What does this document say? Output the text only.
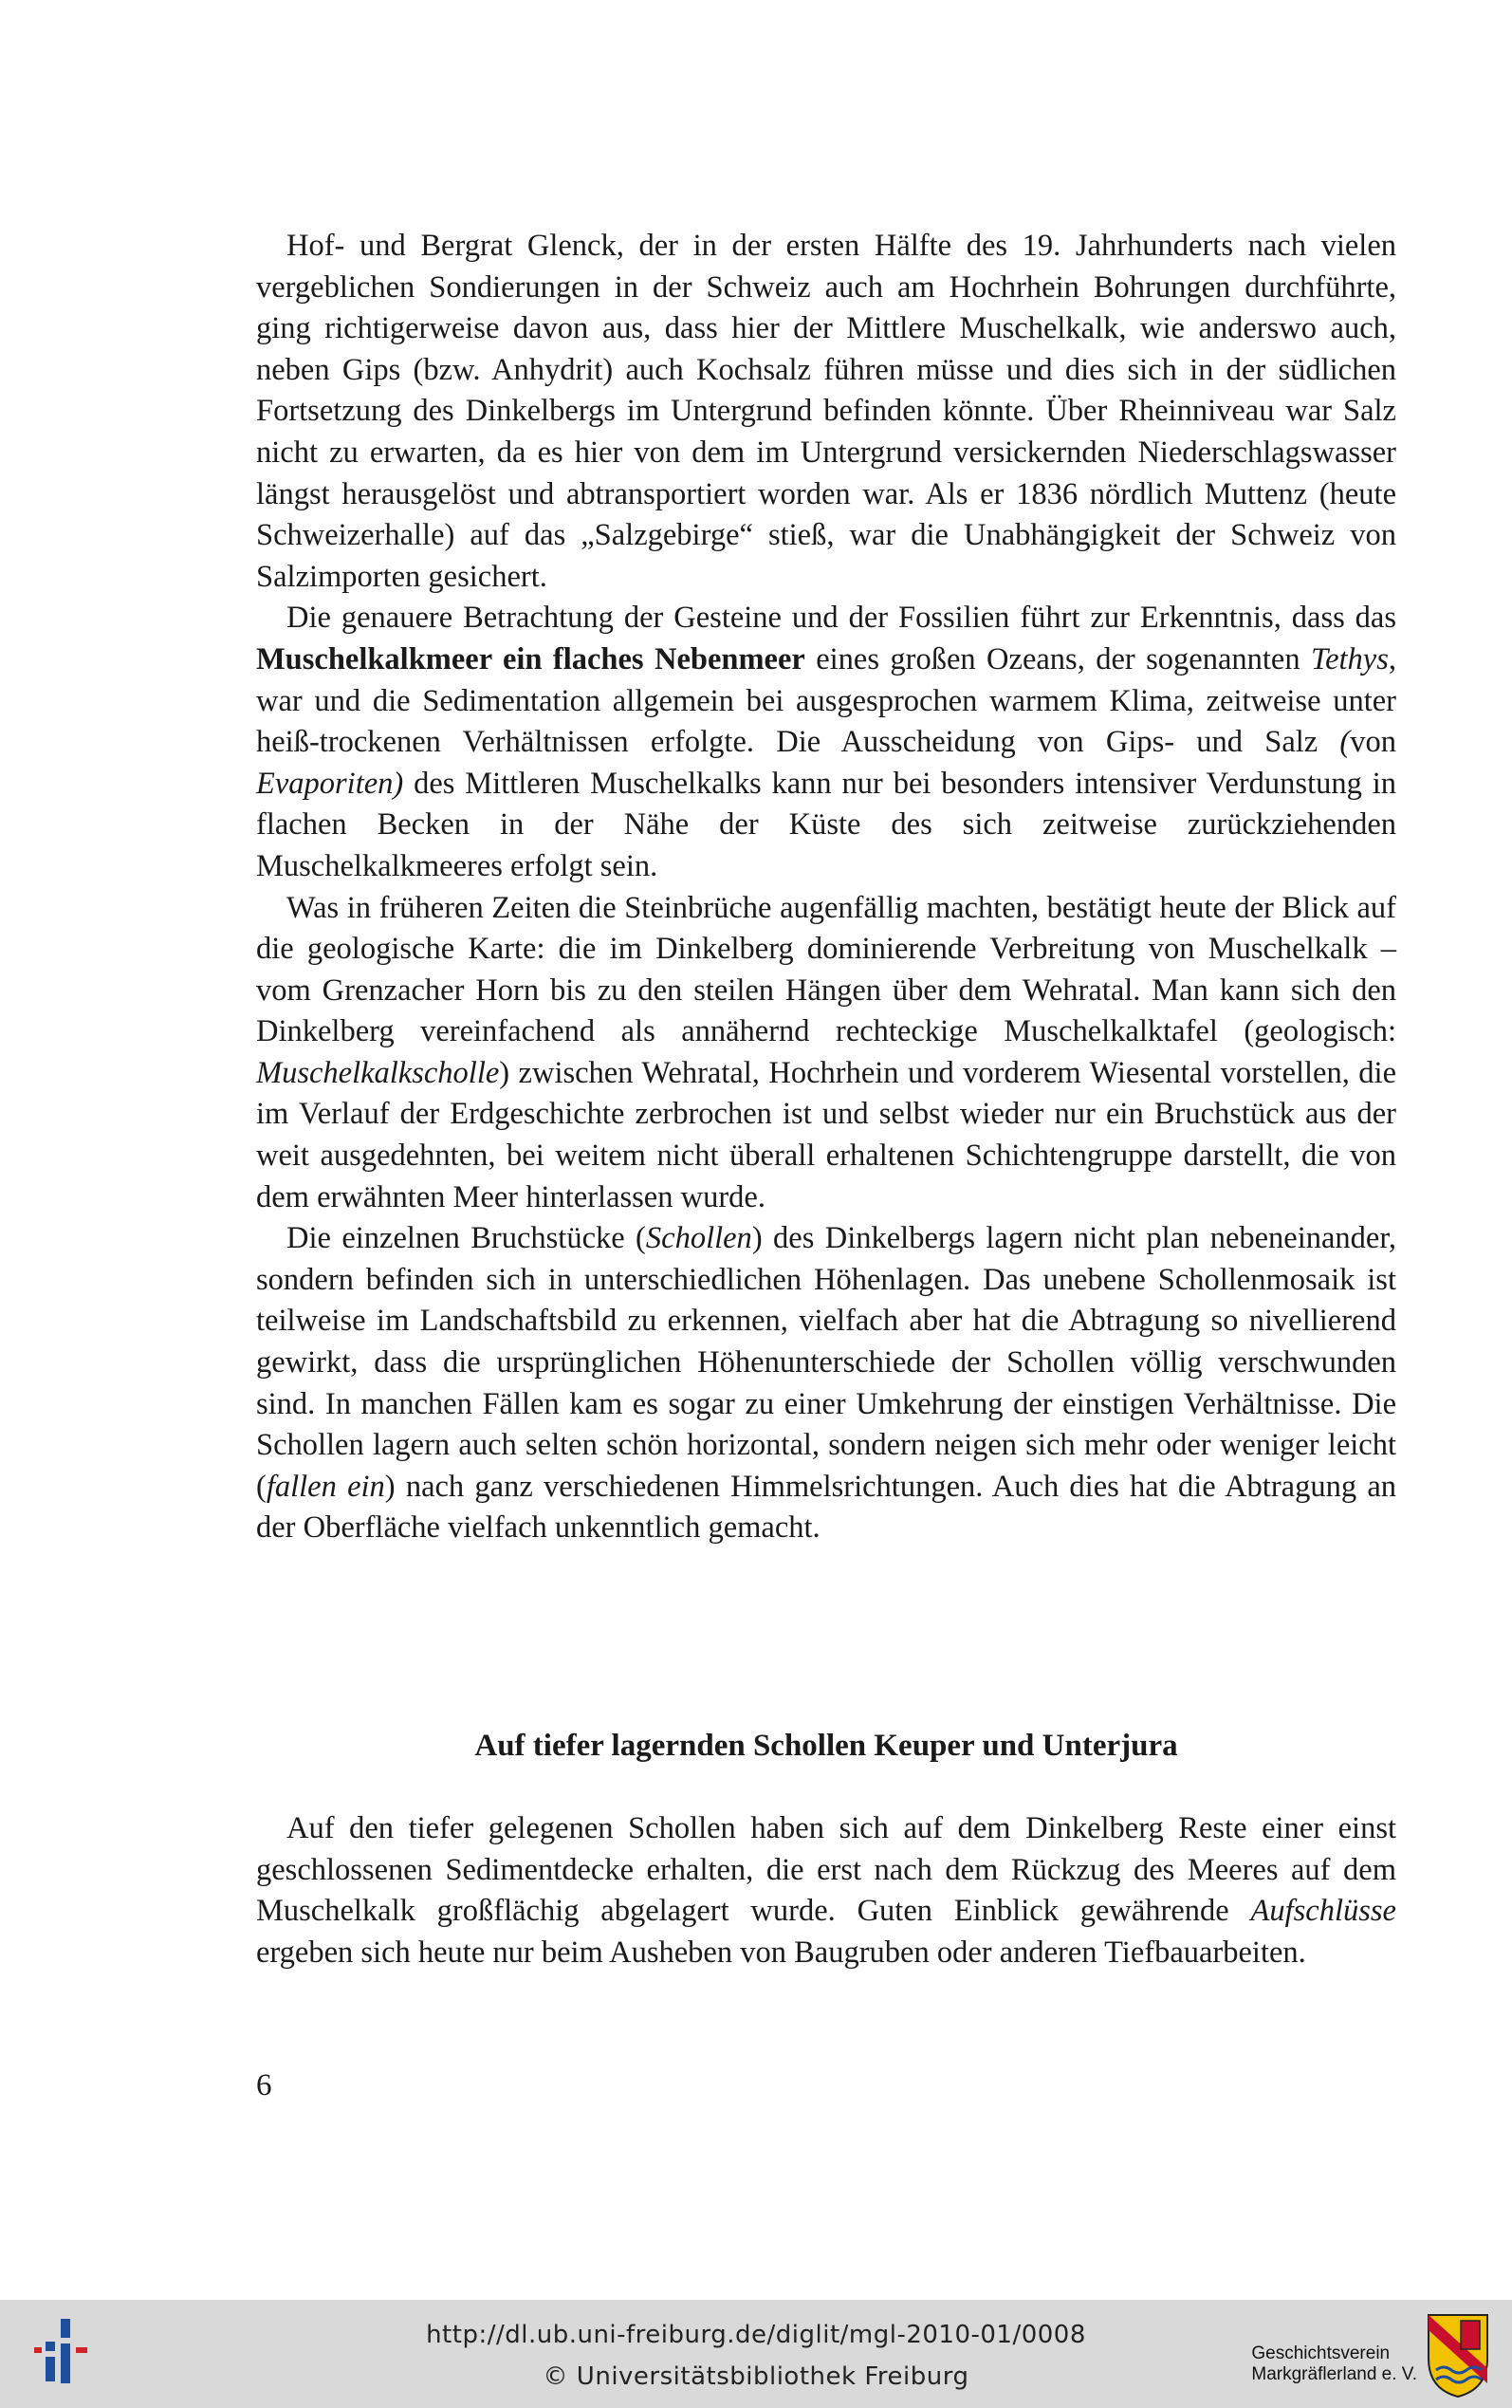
Hof- und Bergrat Glenck, der in der ersten Hälfte des 19. Jahrhunderts nach vielen vergeblichen Sondierungen in der Schweiz auch am Hochrhein Bohrungen durchführte, ging richtigerweise davon aus, dass hier der Mittlere Muschelkalk, wie anderswo auch, neben Gips (bzw. Anhydrit) auch Kochsalz führen müsse und dies sich in der südlichen Fortsetzung des Dinkelbergs im Untergrund befinden könnte. Über Rheinniveau war Salz nicht zu erwarten, da es hier von dem im Untergrund versickernden Niederschlagswasser längst herausgelöst und abtransportiert worden war. Als er 1836 nördlich Muttenz (heute Schweizerhalle) auf das „Salzgebirge“ stieß, war die Unabhängigkeit der Schweiz von Salzimporten gesichert.

Die genauere Betrachtung der Gesteine und der Fossilien führt zur Erkenntnis, dass das Muschelkalkmeer ein flaches Nebenmeer eines großen Ozeans, der sogenannten Tethys, war und die Sedimentation allgemein bei ausgesprochen warmem Klima, zeitweise unter heiß-trockenen Verhältnissen erfolgte. Die Ausscheidung von Gips- und Salz (von Evaporiten) des Mittleren Muschelkalks kann nur bei besonders intensiver Verdunstung in flachen Becken in der Nähe der Küste des sich zeitweise zurückziehenden Muschelkalkmeeres erfolgt sein.

Was in früheren Zeiten die Steinbrüche augenfällig machten, bestätigt heute der Blick auf die geologische Karte: die im Dinkelberg dominierende Verbreitung von Muschelkalk – vom Grenzacher Horn bis zu den steilen Hängen über dem Wehratal. Man kann sich den Dinkelberg vereinfachend als annähernd rechteckige Muschelkalktafel (geologisch: Muschelkalkscholle) zwischen Wehratal, Hochrhein und vorderem Wiesental vorstellen, die im Verlauf der Erdgeschichte zerbrochen ist und selbst wieder nur ein Bruchstück aus der weit ausgedehnten, bei weitem nicht überall erhaltenen Schichtengruppe darstellt, die von dem erwähnten Meer hinterlassen wurde.

Die einzelnen Bruchstücke (Schollen) des Dinkelbergs lagern nicht plan nebeneinander, sondern befinden sich in unterschiedlichen Höhenlagen. Das unebene Schollenmosaik ist teilweise im Landschaftsbild zu erkennen, vielfach aber hat die Abtragung so nivellierend gewirkt, dass die ursprünglichen Höhenunterschiede der Schollen völlig verschwunden sind. In manchen Fällen kam es sogar zu einer Umkehrung der einstigen Verhältnisse. Die Schollen lagern auch selten schön horizontal, sondern neigen sich mehr oder weniger leicht (fallen ein) nach ganz verschiedenen Himmelsrichtungen. Auch dies hat die Abtragung an der Oberfläche vielfach unkenntlich gemacht.

Auf tiefer lagernden Schollen Keuper und Unterjura

Auf den tiefer gelegenen Schollen haben sich auf dem Dinkelberg Reste einer einst geschlossenen Sedimentdecke erhalten, die erst nach dem Rückzug des Meeres auf dem Muschelkalk großflächig abgelagert wurde. Guten Einblick gewährende Aufschlüsse ergeben sich heute nur beim Ausheben von Baugruben oder anderen Tiefbauarbeiten.

6
http://dl.ub.uni-freiburg.de/diglit/mgl-2010-01/0008
© Universitätsbibliothek Freiburg
Geschichtsverein
Markgräflerland e. V.
